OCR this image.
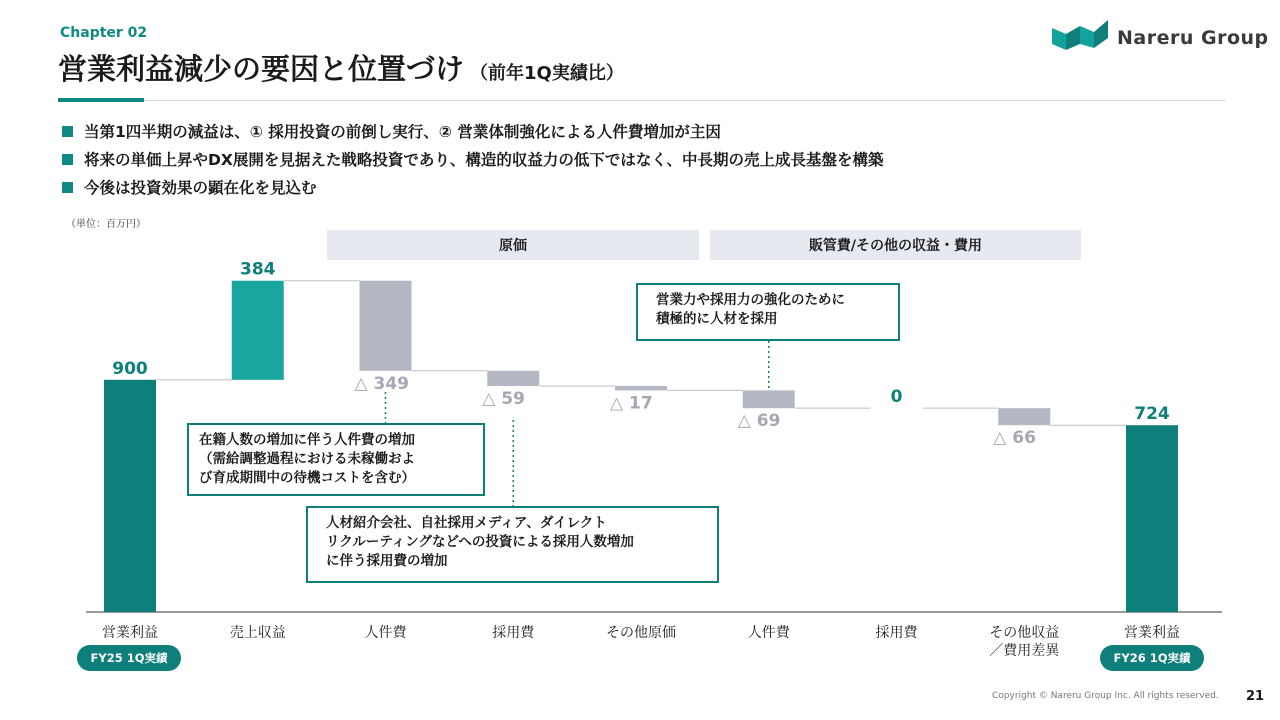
Chapter 02
営業利益減少の要因と位置づけ （前年1Q実績比）
Nareru Group
当第1四半期の減益は、① 採用投資の前倒し実行、② 営業体制強化による人件費増加が主因
将来の単価上昇やDX展開を見据えた戦略投資であり、構造的収益力の低下ではなく、中長期の売上成長基盤を構築
今後は投資効果の顕在化を見込む
（単位：百万円）
原価	販管費/その他の収益・費用
900
営業利益
384
売上収益
△ 349
人件費
△ 59
採用費
△ 17
その他原価
△ 69
人件費
0
採用費
△ 66
その他収益
／費用差異
724
営業利益
在籍人数の増加に伴う人件費の増加
（需給調整過程における未稼働およ
び育成期間中の待機コストを含む）
人材紹介会社、自社採用メディア、ダイレクト
リクルーティングなどへの投資による採用人数増加
に伴う採用費の増加
営業力や採用力の強化のために
積極的に人材を採用
FY25 1Q実績	FY26 1Q実績
Copyright © Nareru Group Inc. All rights reserved. 21
